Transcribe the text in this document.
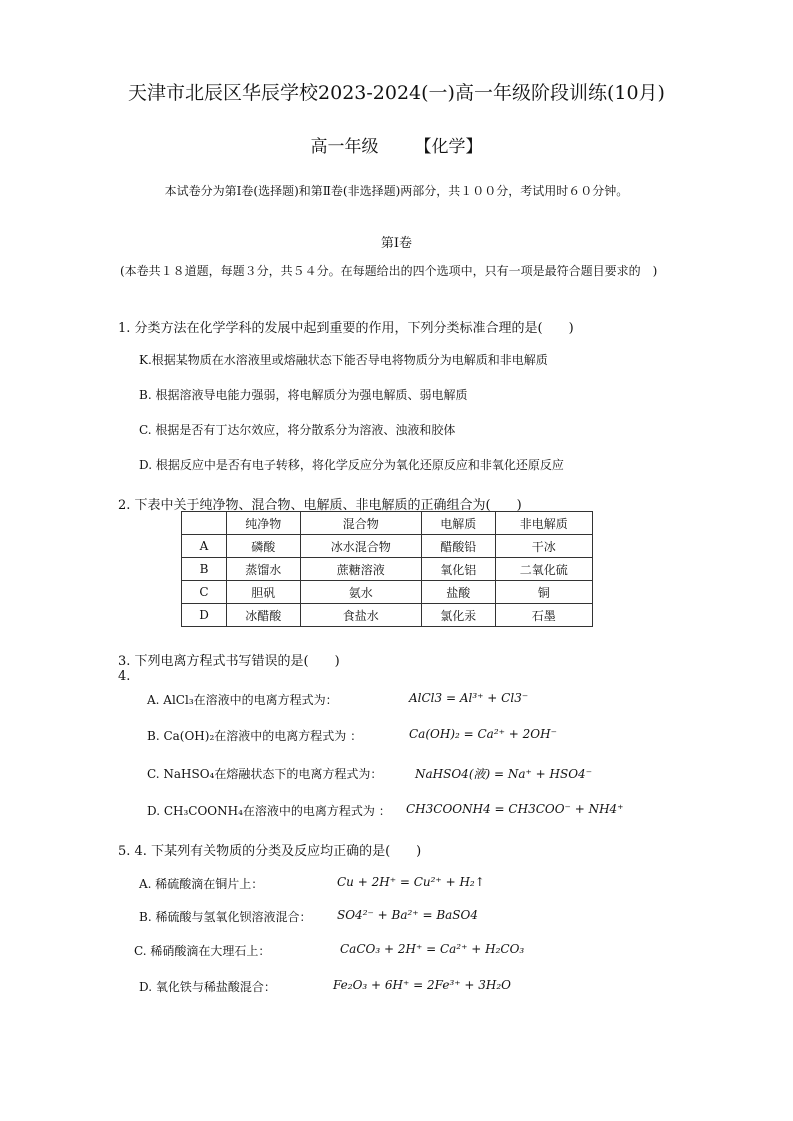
天津市北辰区华辰学校2023-2024(一)高一年级阶段训练(10月)
高一年级 【化学】
本试卷分为第Ⅰ卷(选择题)和第Ⅱ卷(非选择题)两部分，共１００分，考试用时６０分钟。
第Ⅰ卷
(本卷共１８道题，每题３分，共５４分。在每题给出的四个选项中，只有一项是最符合题目要求的　)
1. 分类方法在化学学科的发展中起到重要的作用，下列分类标准合理的是(　　)
K.根据某物质在水溶液里或熔融状态下能否导电将物质分为电解质和非电解质
B. 根据溶液导电能力强弱，将电解质分为强电解质、弱电解质
C. 根据是否有丁达尔效应，将分散系分为溶液、浊液和胶体
D. 根据反应中是否有电子转移，将化学反应分为氧化还原反应和非氧化还原反应
2. 下表中关于纯净物、混合物、电解质、非电解质的正确组合为(　　)
	纯净物	混合物	电解质	非电解质
A	磷酸	冰水混合物	醋酸铅	干冰
B	蒸馏水	蔗糖溶液	氧化铝	二氧化硫
C	胆矾	氨水	盐酸	铜
D	冰醋酸	食盐水	氯化汞	石墨
3. 下列电离方程式书写错误的是(　　)
4.
A. AlCl₃在溶液中的电离方程式为：	AlCl3 = Al³⁺ + Cl3⁻
B. Ca(OH)₂在溶液中的电离方程式为 ：	Ca(OH)₂ = Ca²⁺ + 2OH⁻
C. NaHSO₄在熔融状态下的电离方程式为：	NaHSO4(液) = Na⁺ + HSO4⁻
D. CH₃COONH₄在溶液中的电离方程式为 ： CH3COONH4 = CH3COO⁻ + NH4⁺
5. 4. 下某列有关物质的分类及反应均正确的是(　　)
A. 稀硫酸滴在铜片上：	Cu + 2H⁺ = Cu²⁺ + H₂↑
B. 稀硫酸与氢氧化钡溶液混合： SO4²⁻ + Ba²⁺ = BaSO4
C. 稀硝酸滴在大理石上：	CaCO₃ + 2H⁺ = Ca²⁺ + H₂CO₃
D. 氧化铁与稀盐酸混合：	Fe₂O₃ + 6H⁺ = 2Fe³⁺ + 3H₂O
